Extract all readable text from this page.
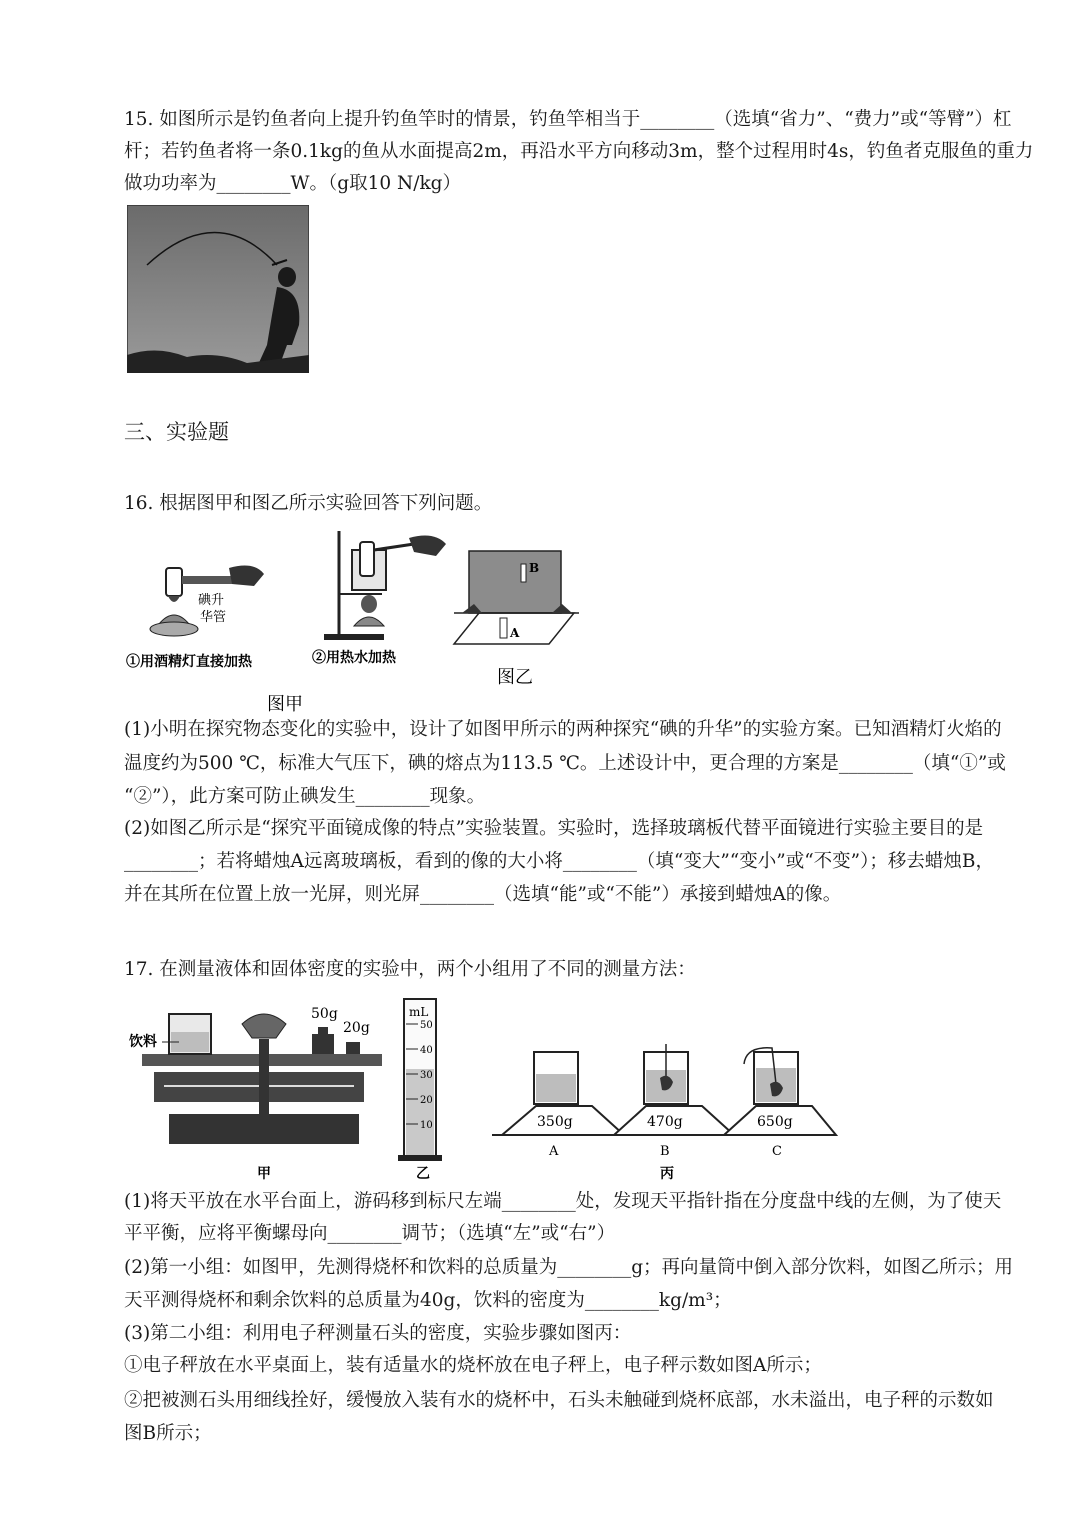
15. 如图所示是钓鱼者向上提升钓鱼竿时的情景，钓鱼竿相当于________（选填“省力”、“费力”或“等臂”）杠
杆；若钓鱼者将一条0.1kg的鱼从水面提高2m，再沿水平方向移动3m，整个过程用时4s，钓鱼者克服鱼的重力
做功功率为________W。（g取10 N/kg）
三、实验题
16. 根据图甲和图乙所示实验回答下列问题。
碘升
华管
①用酒精灯直接加热	②用热水加热
B
A
图乙
图甲
(1)小明在探究物态变化的实验中，设计了如图甲所示的两种探究“碘的升华”的实验方案。已知酒精灯火焰的
温度约为500 ℃，标准大气压下，碘的熔点为113.5 ℃。上述设计中，更合理的方案是________（填“①”或
“②”），此方案可防止碘发生________现象。
(2)如图乙所示是“探究平面镜成像的特点”实验装置。实验时，选择玻璃板代替平面镜进行实验主要目的是
________；若将蜡烛A远离玻璃板，看到的像的大小将________（填“变大”“变小”或“不变”）；移去蜡烛B，
并在其所在位置上放一光屏，则光屏________（选填“能”或“不能”）承接到蜡烛A的像。
17. 在测量液体和固体密度的实验中，两个小组用了不同的测量方法：
饮料
50g
20g
甲
mL
50
40
30
20
10
乙
350g
A
470g
B
650g
C
丙
(1)将天平放在水平台面上，游码移到标尺左端________处，发现天平指针指在分度盘中线的左侧，为了使天
平平衡，应将平衡螺母向________调节；（选填“左”或“右”）
(2)第一小组：如图甲，先测得烧杯和饮料的总质量为________g；再向量筒中倒入部分饮料，如图乙所示；用
天平测得烧杯和剩余饮料的总质量为40g，饮料的密度为________kg/m³；
(3)第二小组：利用电子秤测量石头的密度，实验步骤如图丙：
①电子秤放在水平桌面上，装有适量水的烧杯放在电子秤上，电子秤示数如图A所示；
②把被测石头用细线拴好，缓慢放入装有水的烧杯中，石头未触碰到烧杯底部，水未溢出，电子秤的示数如
图B所示；
